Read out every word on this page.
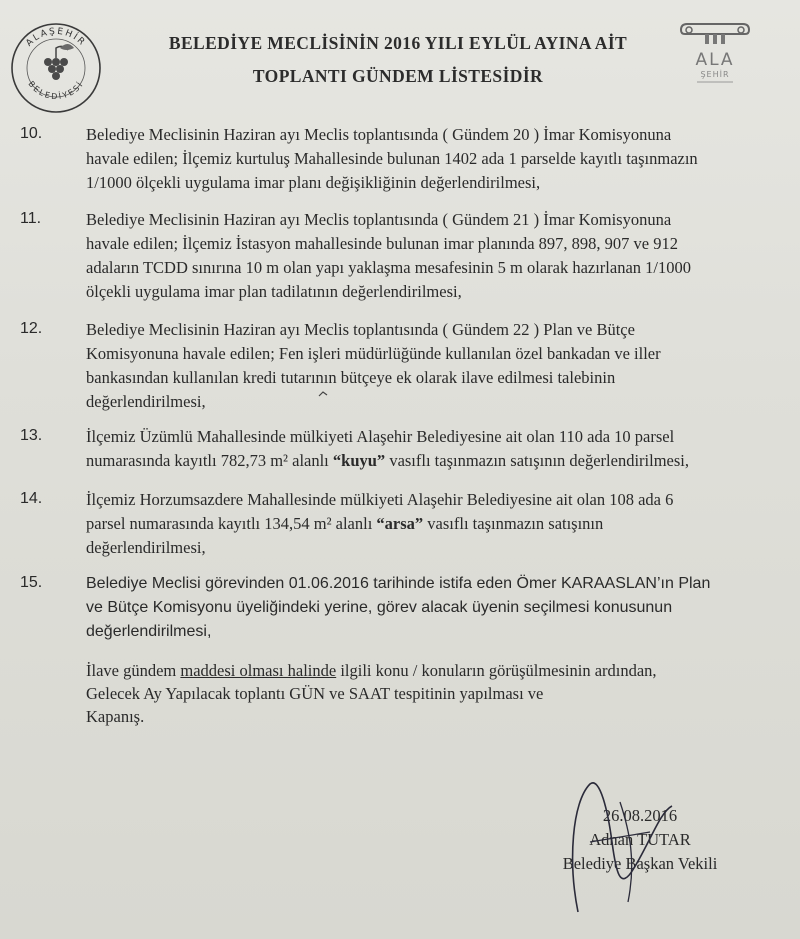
ALAŞEHİR
BELEDİYESİ
ALA
ŞEHİR
BELEDİYE MECLİSİNİN 2016 YILI EYLÜL AYINA AİT
TOPLANTI GÜNDEM LİSTESİDİR
10.	Belediye Meclisinin Haziran ayı Meclis toplantısında ( Gündem 20 ) İmar Komisyonuna
havale edilen; İlçemiz kurtuluş Mahallesinde bulunan 1402 ada 1 parselde kayıtlı taşınmazın
1/1000 ölçekli uygulama imar planı değişikliğinin değerlendirilmesi,
11.	Belediye Meclisinin Haziran ayı Meclis toplantısında ( Gündem 21 ) İmar Komisyonuna
havale edilen; İlçemiz İstasyon mahallesinde bulunan imar planında 897, 898, 907 ve 912
adaların TCDD sınırına 10 m olan yapı yaklaşma mesafesinin 5 m olarak hazırlanan 1/1000
ölçekli uygulama imar plan tadilatının değerlendirilmesi,
12.	Belediye Meclisinin Haziran ayı Meclis toplantısında ( Gündem 22 ) Plan ve Bütçe
Komisyonuna havale edilen; Fen işleri müdürlüğünde kullanılan özel bankadan ve iller
bankasından kullanılan kredi tutarının bütçeye ek olarak ilave edilmesi talebinin
değerlendirilmesi,
13.	İlçemiz Üzümlü Mahallesinde mülkiyeti Alaşehir Belediyesine ait olan 110 ada 10 parsel
numarasında kayıtlı 782,73 m² alanlı “kuyu” vasıflı taşınmazın satışının değerlendirilmesi,
14.	İlçemiz Horzumsazdere Mahallesinde mülkiyeti Alaşehir Belediyesine ait olan 108 ada 6
parsel numarasında kayıtlı 134,54 m² alanlı “arsa” vasıflı taşınmazın satışının
değerlendirilmesi,
15.	Belediye Meclisi görevinden 01.06.2016 tarihinde istifa eden Ömer KARAASLAN’ın Plan
ve Bütçe Komisyonu üyeliğindeki yerine, görev alacak üyenin seçilmesi konusunun
değerlendirilmesi,
İlave gündem maddesi olması halinde ilgili konu / konuların görüşülmesinin ardından,
Gelecek Ay Yapılacak toplantı GÜN ve SAAT tespitinin yapılması ve
Kapanış.
26.08.2016
Adnan TUTAR
Belediye Başkan Vekili
